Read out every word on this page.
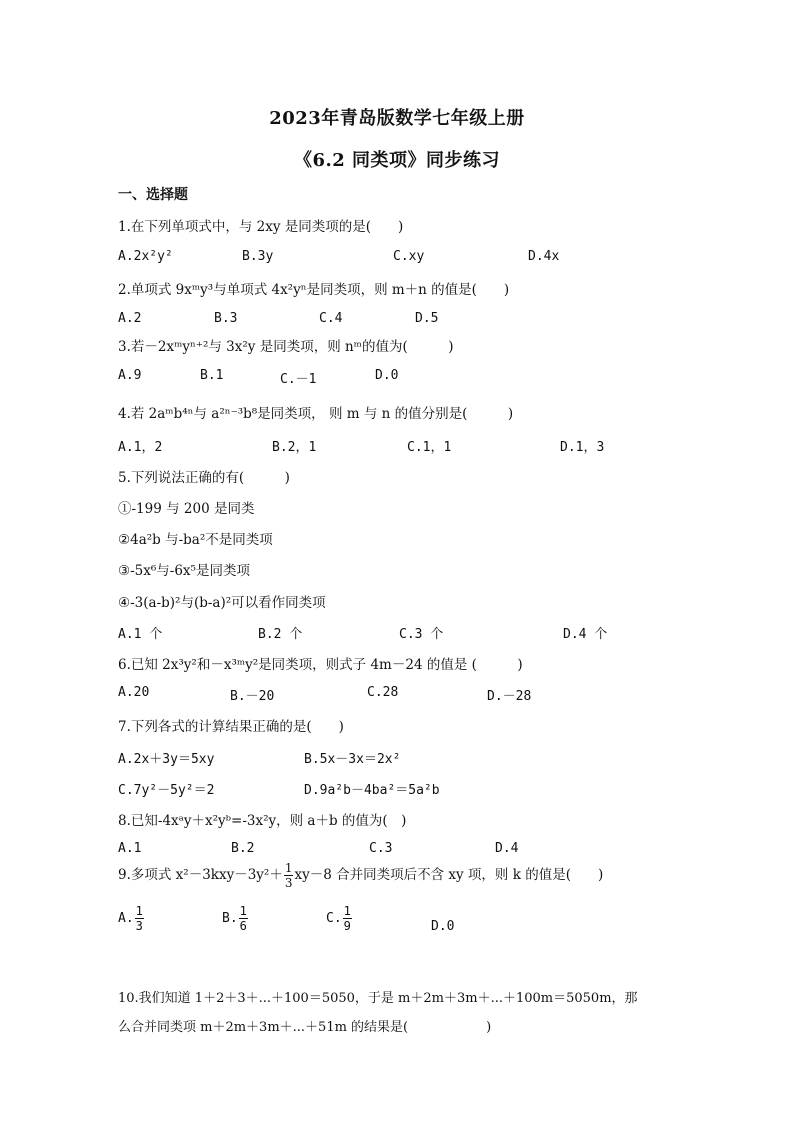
2023年青岛版数学七年级上册
《6.2 同类项》同步练习
一、选择题
1.在下列单项式中，与 2xy 是同类项的是(　　)
A.2x²y²	B.3y	C.xy	D.4x
2.单项式 9xᵐy³与单项式 4x²yⁿ是同类项，则 m＋n 的值是(　　)
A.2	B.3	C.4	D.5
3.若－2xᵐyⁿ⁺²与 3x²y 是同类项，则 nᵐ的值为(　　　)
A.9	B.1	C.－1	D.0
4.若 2aᵐb⁴ⁿ与 a²ⁿ⁻³b⁸是同类项， 则 m 与 n 的值分别是(　　　)
A.1，2	B.2，1	C.1，1	D.1，3
5.下列说法正确的有(　　　)
①-199 与 200 是同类
②4a²b 与-ba²不是同类项
③-5x⁶与-6x⁵是同类项
④-3(a-b)²与(b-a)²可以看作同类项
A.1 个	B.2 个	C.3 个	D.4 个
6.已知 2x³y²和－x³ᵐy²是同类项，则式子 4m－24 的值是 (　　　)
A.20	B.－20	C.28	D.－28
7.下列各式的计算结果正确的是(　　)
A.2x＋3y＝5xy	B.5x－3x＝2x²
C.7y²－5y²＝2	D.9a²b－4ba²＝5a²b
8.已知-4xᵃy＋x²yᵇ=-3x²y，则 a＋b 的值为(　)
A.1	B.2	C.3	D.4
9.多项式 $x^2-3kxy-3y^2+ \frac{1}{3} xy-8$ 合并同类项后不含 xy 项，则 k 的值是(　　)
A. $\frac{1}{3}$	B. $\frac{1}{6}$	C. $\frac{1}{9}$	D.0
10.我们知道 1＋2＋3＋...＋100＝5050，于是 m＋2m＋3m＋...＋100m＝5050m，那
么合并同类项 m＋2m＋3m＋...＋51m 的结果是(　　　　　　)
